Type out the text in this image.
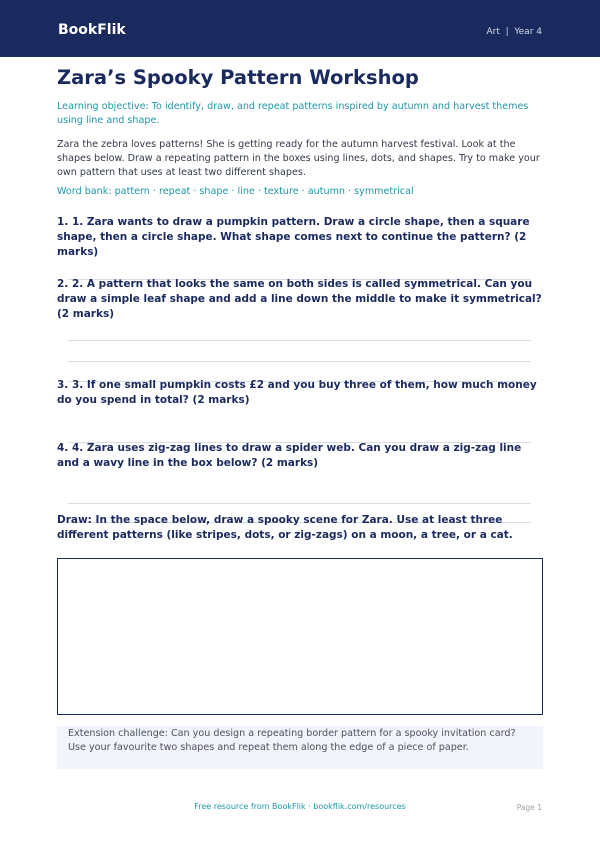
BookFlik	Art  |  Year 4
Zara’s Spooky Pattern Workshop

Learning objective: To identify, draw, and repeat patterns inspired by autumn and harvest themes using line and shape.

Zara the zebra loves patterns! She is getting ready for the autumn harvest festival. Look at the shapes below. Draw a repeating pattern in the boxes using lines, dots, and shapes. Try to make your own pattern that uses at least two different shapes.

Word bank: pattern · repeat · shape · line · texture · autumn · symmetrical

1. 1. Zara wants to draw a pumpkin pattern. Draw a circle shape, then a square shape, then a circle shape. What shape comes next to continue the pattern? (2 marks)

2. 2. A pattern that looks the same on both sides is called symmetrical. Can you draw a simple leaf shape and add a line down the middle to make it symmetrical? (2 marks)

3. 3. If one small pumpkin costs £2 and you buy three of them, how much money do you spend in total? (2 marks)

4. 4. Zara uses zig-zag lines to draw a spider web. Can you draw a zig-zag line and a wavy line in the box below? (2 marks)

Draw: In the space below, draw a spooky scene for Zara. Use at least three different patterns (like stripes, dots, or zig-zags) on a moon, a tree, or a cat.

Extension challenge: Can you design a repeating border pattern for a spooky invitation card? Use your favourite two shapes and repeat them along the edge of a piece of paper.
Free resource from BookFlik · bookflik.com/resources	Page 1
